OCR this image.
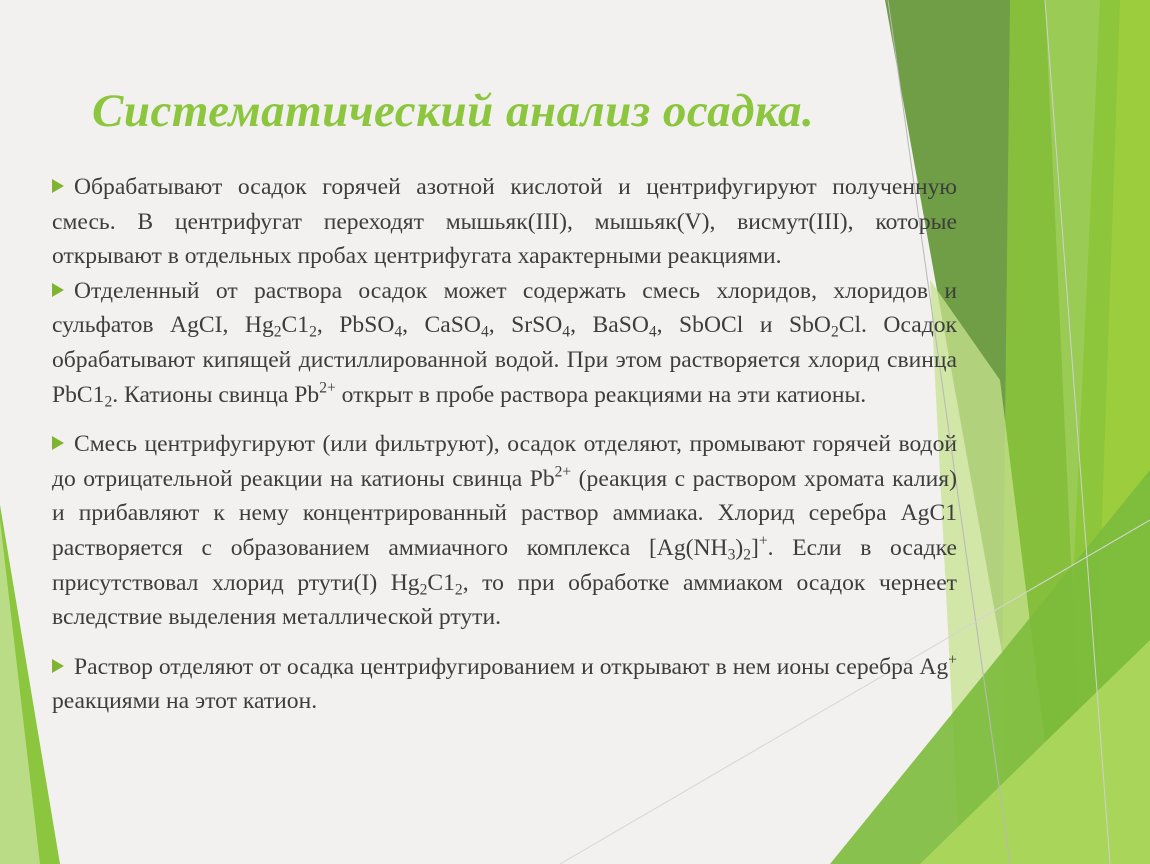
Систематический анализ осадка.

Обрабатывают осадок горячей азотной кислотой и центрифугируют полученную смесь. В центрифугат переходят мышьяк(III), мышьяк(V), висмут(III), которые открывают в отдельных пробах центрифугата характерными реакциями.

Отделенный от раствора осадок может содержать смесь хлоридов, хлоридов и сульфатов AgCI, $Hg_2C1_2$, PbSO$_4$, CaSO$_4$, SrSO$_4$, BaSO$_4$, SbOCl и SbO$_2$Cl. Осадок обрабатывают кипящей дистиллированной водой. При этом растворяется хлорид свинца $PbC1_2$. Катионы свинца $Pb^{2+}$ открыт в пробе раствора реакциями на эти катионы.

Смесь центрифугируют (или фильтруют), осадок отделяют, промывают горячей водой до отрицательной реакции на катионы свинца $Pb^{2+}$ (реакция с раствором хромата калия) и прибавляют к нему концентрированный раствор аммиака. Хлорид серебра AgC1 растворяется с образованием аммиачного комплекса $[Ag(NH_3)_2]^+$. Если в осадке присутствовал хлорид ртути(I) $Hg_2C1_2$, то при обработке аммиаком осадок чернеет вследствие выделения металлической ртути.

Раствор отделяют от осадка центрифугированием и открывают в нем ионы серебра Ag+ реакциями на этот катион.
